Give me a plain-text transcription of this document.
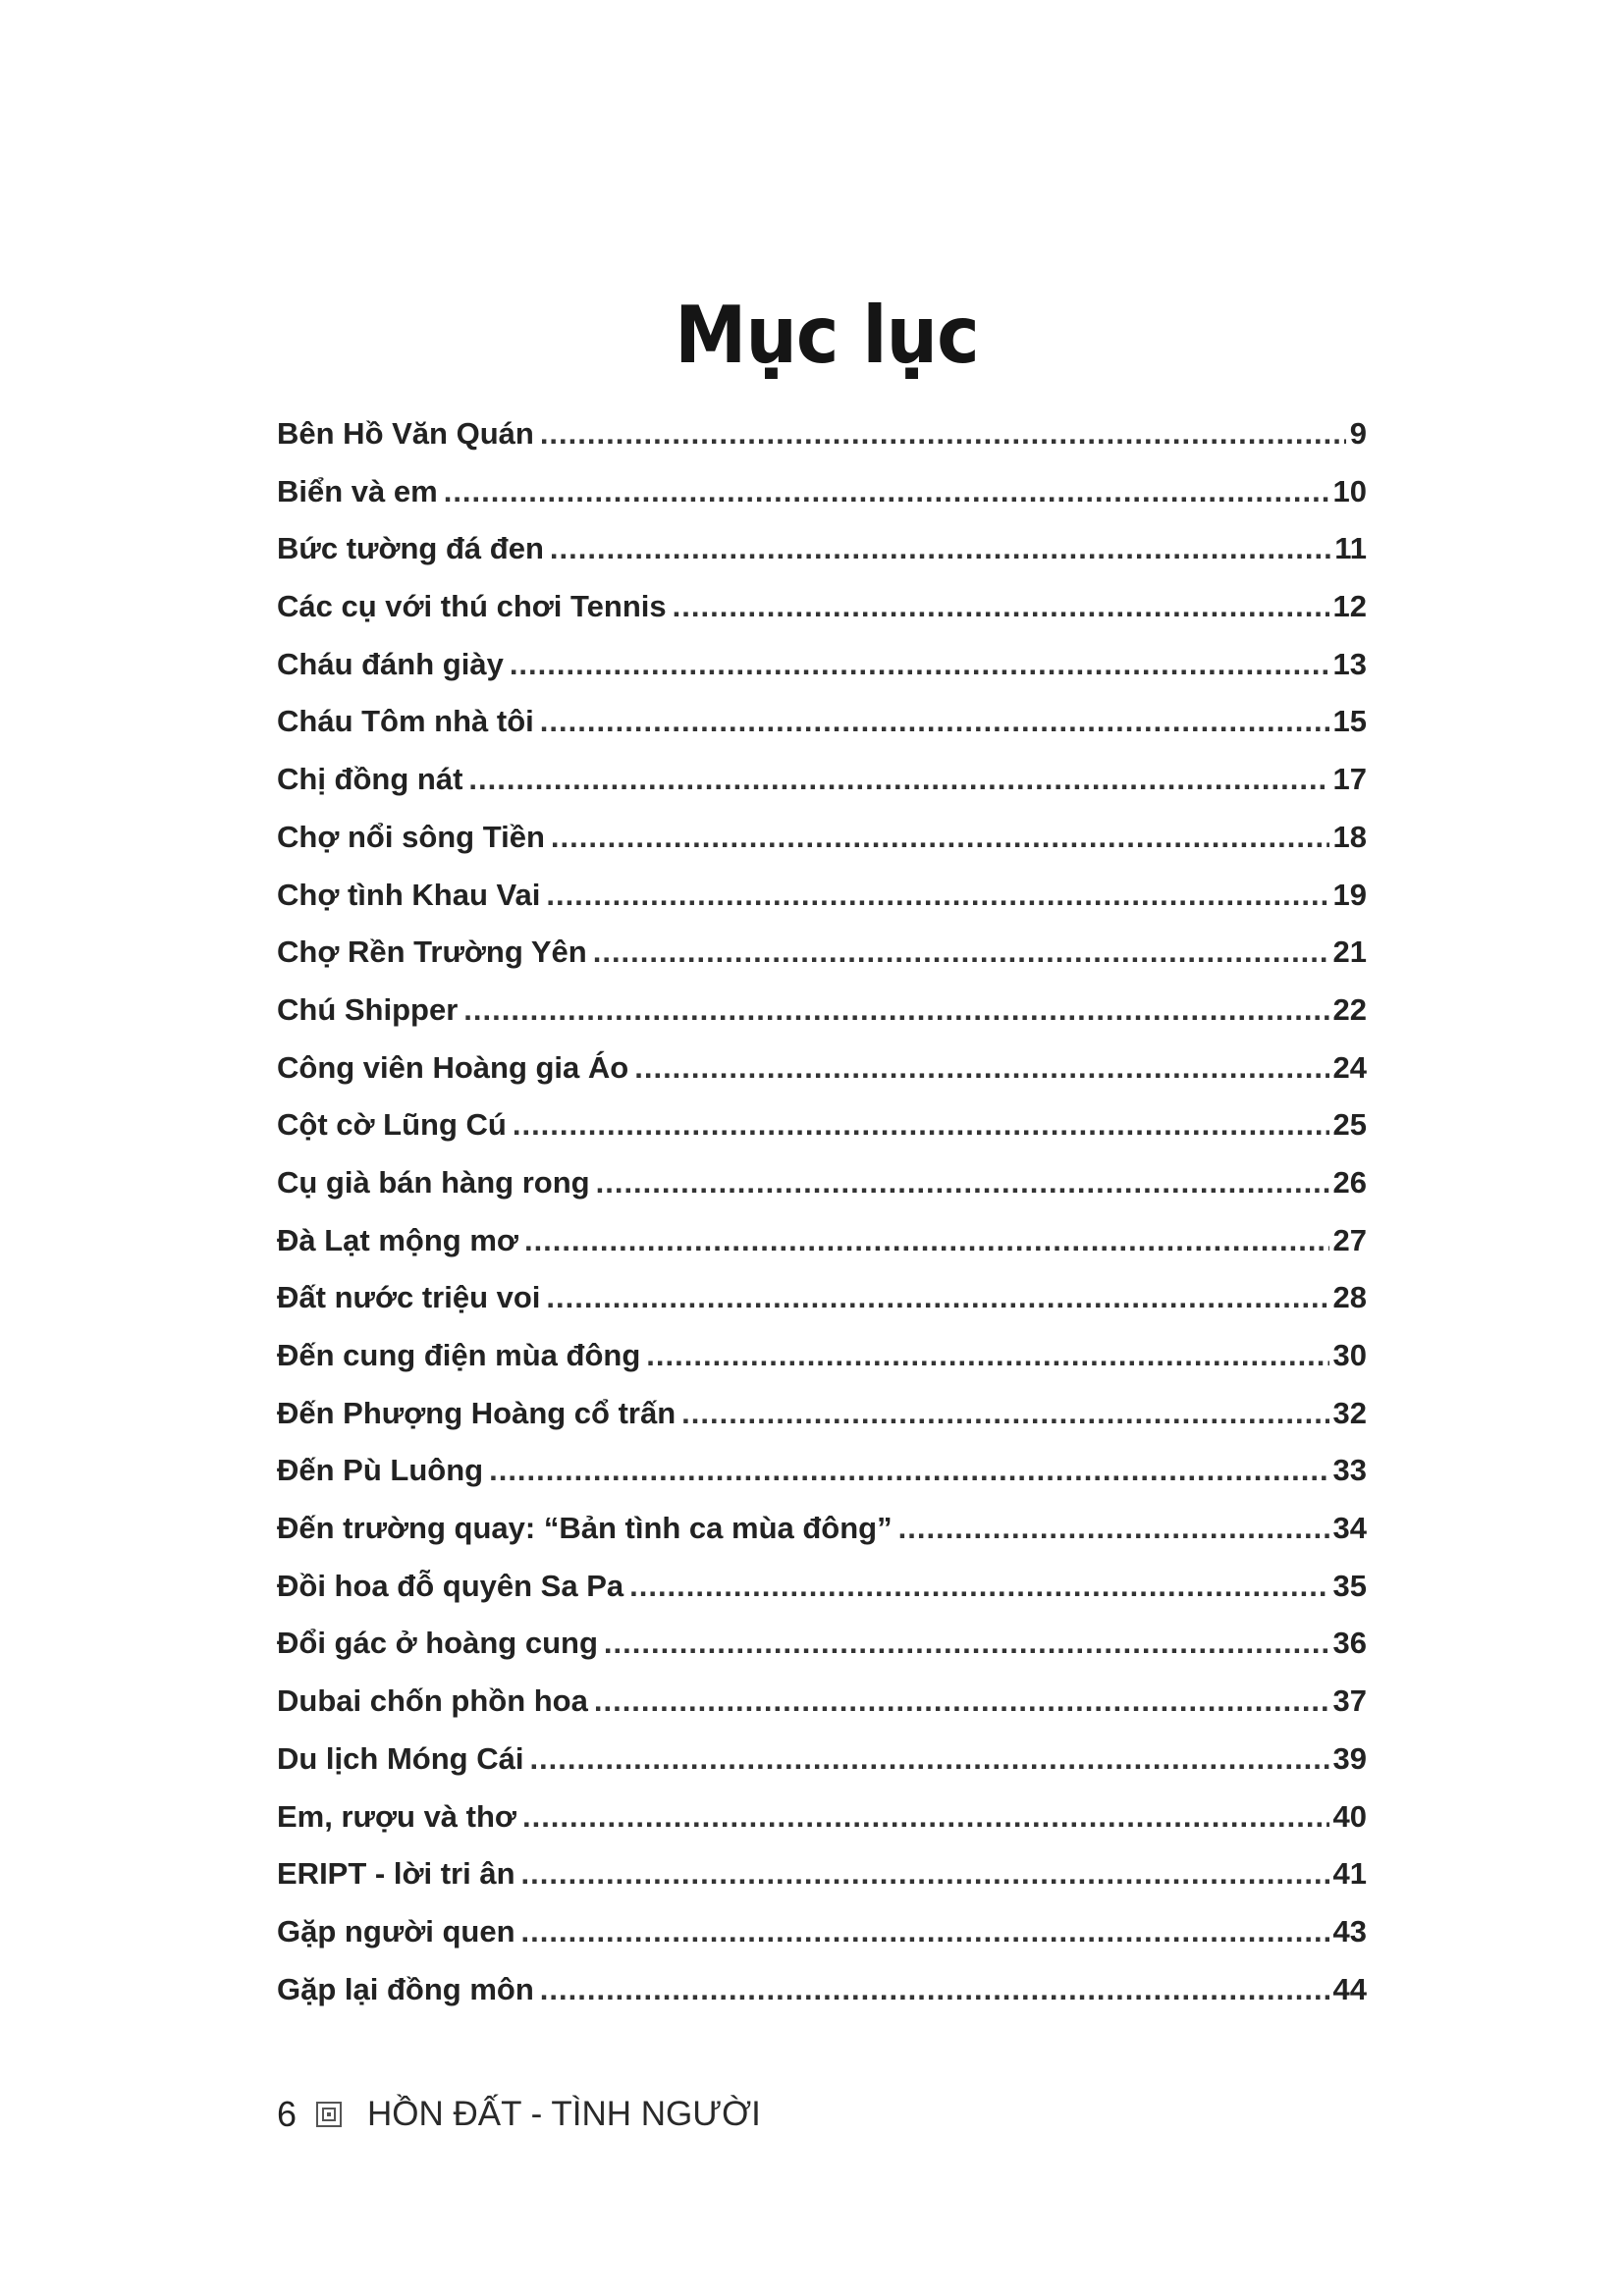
Mục lục
Bên Hồ Văn Quán .....	9
Biển và em .....	10
Bức tường đá đen .....	11
Các cụ với thú chơi Tennis .....	12
Cháu đánh giày .....	13
Cháu Tôm nhà tôi .....	15
Chị đồng nát .....	17
Chợ nổi sông Tiền .....	18
Chợ tình Khau Vai .....	19
Chợ Rền Trường Yên .....	21
Chú Shipper .....	22
Công viên Hoàng gia Áo .....	24
Cột cờ Lũng Cú .....	25
Cụ già bán hàng rong .....	26
Đà Lạt mộng mơ .....	27
Đất nước triệu voi .....	28
Đến cung điện mùa đông .....	30
Đến Phượng Hoàng cổ trấn .....	32
Đến Pù Luông .....	33
Đến trường quay: “Bản tình ca mùa đông” .....	34
Đồi hoa đỗ quyên Sa Pa .....	35
Đổi gác ở hoàng cung .....	36
Dubai chốn phồn hoa .....	37
Du lịch Móng Cái .....	39
Em, rượu và thơ .....	40
ERIPT - lời tri ân .....	41
Gặp người quen .....	43
Gặp lại đồng môn .....	44
6 HỒN ĐẤT - TÌNH NGƯỜI
